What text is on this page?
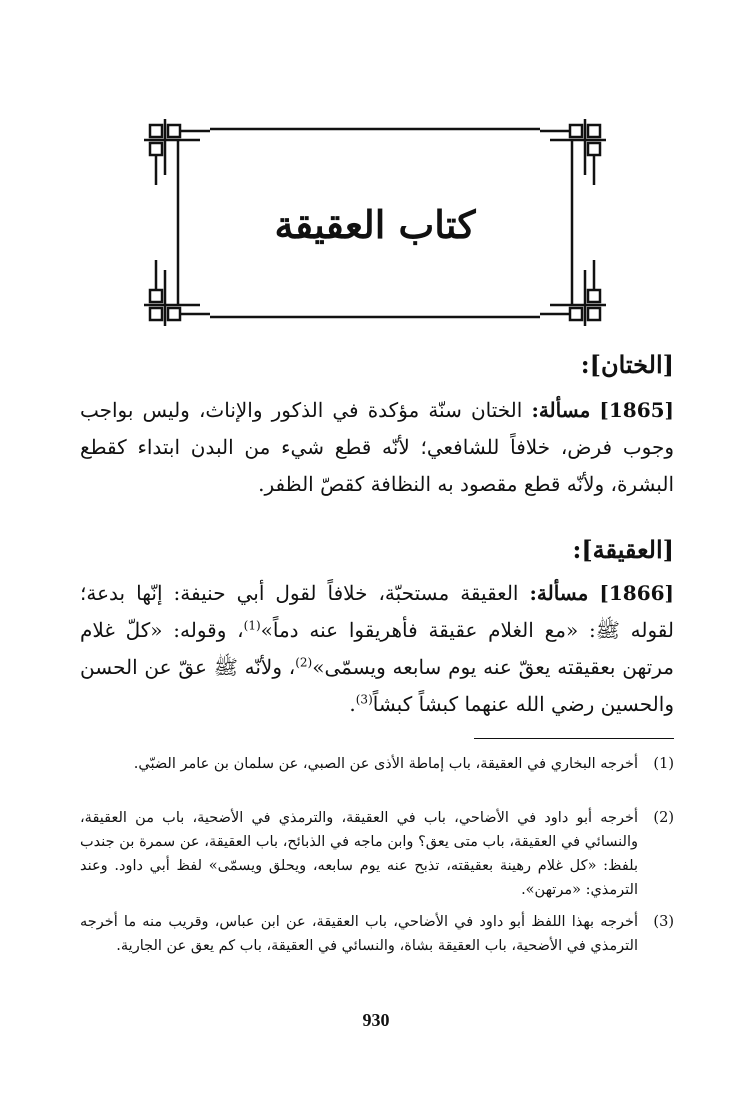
كتاب العقيقة
[الختان]:
[1865] مسألة: الختان سنّة مؤكدة في الذكور والإناث، وليس بواجب وجوب فرض، خلافاً للشافعي؛ لأنّه قطع شيء من البدن ابتداء كقطع البشرة، ولأنّه قطع مقصود به النظافة كقصّ الظفر.
[العقيقة]:
[1866] مسألة: العقيقة مستحبّة، خلافاً لقول أبي حنيفة: إنّها بدعة؛ لقوله ﷺ: «مع الغلام عقيقة فأهريقوا عنه دماً»$^{(1)}$، وقوله: «كلّ غلام مرتهن بعقيقته يعقّ عنه يوم سابعه ويسمّى»$^{(2)}$، ولأنّه ﷺ عقّ عن الحسن والحسين رضي الله عنهما كبشاً كبشاً$^{(3)}$.
(1)
أخرجه البخاري في العقيقة، باب إماطة الأذى عن الصبي، عن سلمان بن عامر الضبّي.
(2)
أخرجه أبو داود في الأضاحي، باب في العقيقة، والترمذي في الأضحية، باب من العقيقة، والنسائي في العقيقة، باب متى يعق؟ وابن ماجه في الذبائح، باب العقيقة، عن سمرة بن جندب بلفظ: «كل غلام رهينة بعقيقته، تذبح عنه يوم سابعه، ويحلق ويسمّى» لفظ أبي داود. وعند الترمذي: «مرتهن».
(3)
أخرجه بهذا اللفظ أبو داود في الأضاحي، باب العقيقة، عن ابن عباس، وقريب منه ما أخرجه الترمذي في الأضحية، باب العقيقة بشاة، والنسائي في العقيقة، باب كم يعق عن الجارية.
930
